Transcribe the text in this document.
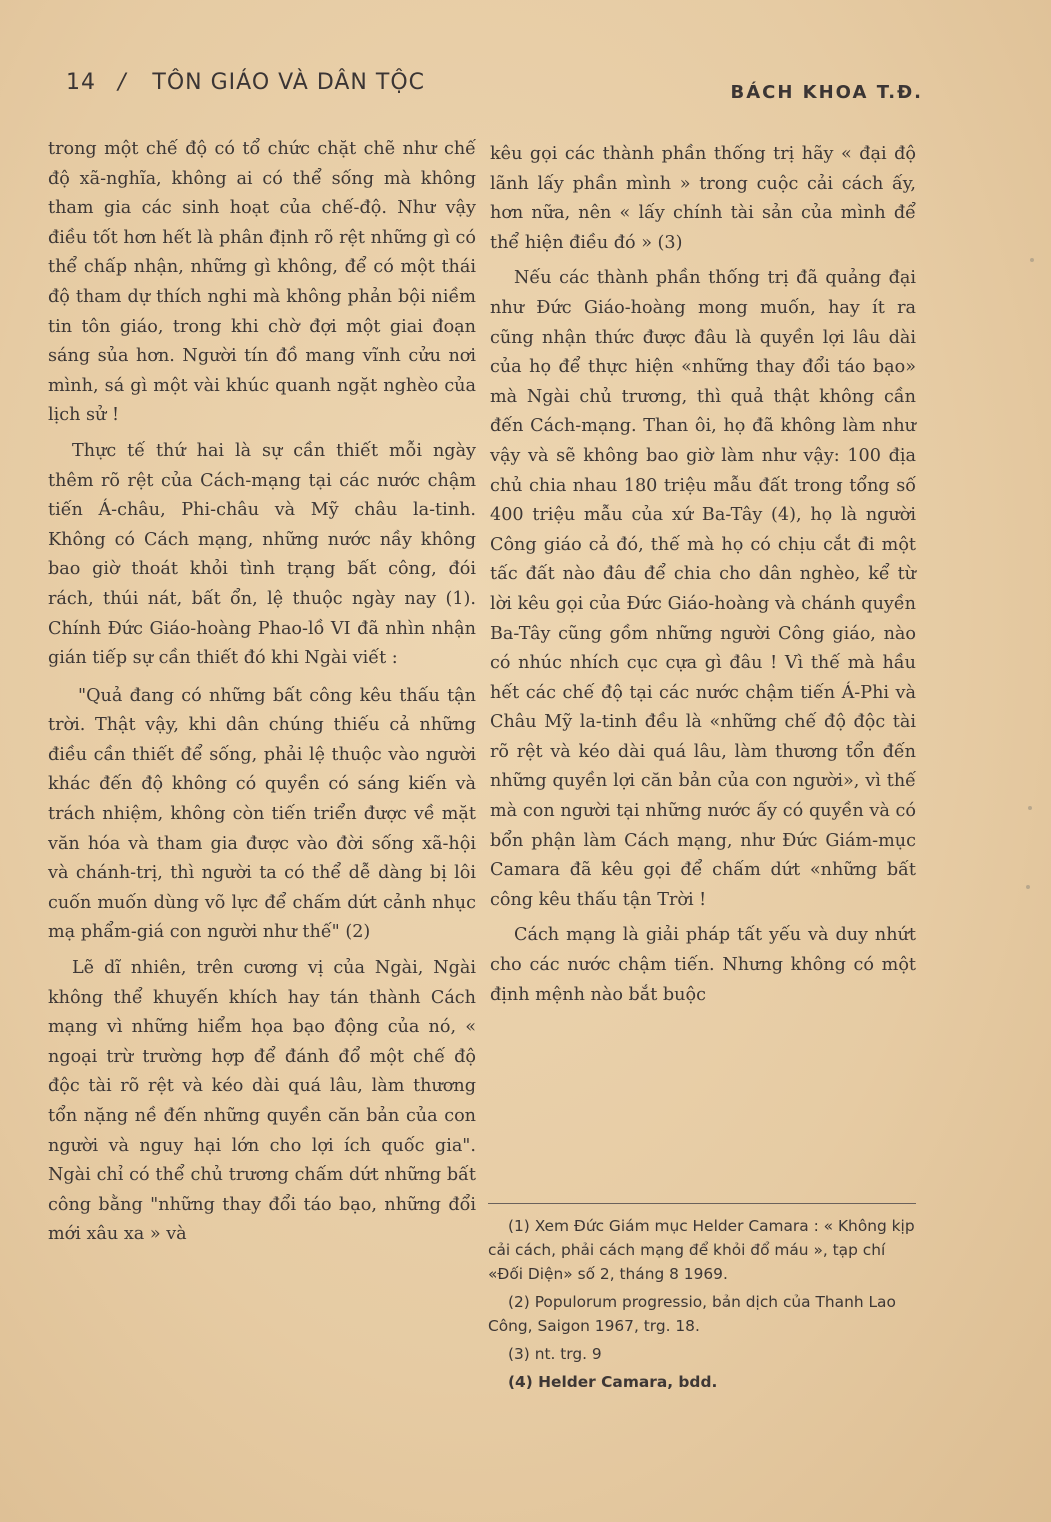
14 / TÔN GIÁO VÀ DÂN TỘC	BÁCH KHOA T.Đ.

trong một chế độ có tổ chức chặt chẽ như chế độ xã-nghĩa, không ai có thể sống mà không tham gia các sinh hoạt của chế-độ. Như vậy điều tốt hơn hết là phân định rõ rệt những gì có thể chấp nhận, những gì không, để có một thái độ tham dự thích nghi mà không phản bội niềm tin tôn giáo, trong khi chờ đợi một giai đoạn sáng sủa hơn. Người tín đồ mang vĩnh cửu nơi mình, sá gì một vài khúc quanh ngặt nghèo của lịch sử !

Thực tế thứ hai là sự cần thiết mỗi ngày thêm rõ rệt của Cách-mạng tại các nước chậm tiến Á-châu, Phi-châu và Mỹ châu la-tinh. Không có Cách mạng, những nước nầy không bao giờ thoát khỏi tình trạng bất công, đói rách, thúi nát, bất ổn, lệ thuộc ngày nay (1). Chính Đức Giáo-hoàng Phao-lồ VI đã nhìn nhận gián tiếp sự cần thiết đó khi Ngài viết :

"Quả đang có những bất công kêu thấu tận trời. Thật vậy, khi dân chúng thiếu cả những điều cần thiết để sống, phải lệ thuộc vào người khác đến độ không có quyền có sáng kiến và trách nhiệm, không còn tiến triển được về mặt văn hóa và tham gia được vào đời sống xã-hội và chánh-trị, thì người ta có thể dễ dàng bị lôi cuốn muốn dùng võ lực để chấm dứt cảnh nhục mạ phẩm-giá con người như thế" (2)

Lẽ dĩ nhiên, trên cương vị của Ngài, Ngài không thể khuyến khích hay tán thành Cách mạng vì những hiểm họa bạo động của nó, « ngoại trừ trường hợp để đánh đổ một chế độ độc tài rõ rệt và kéo dài quá lâu, làm thương tổn nặng nề đến những quyền căn bản của con người và nguy hại lớn cho lợi ích quốc gia". Ngài chỉ có thể chủ trương chấm dứt những bất công bằng "những thay đổi táo bạo, những đổi mới xâu xa » và

kêu gọi các thành phần thống trị hãy « đại độ lãnh lấy phần mình » trong cuộc cải cách ấy, hơn nữa, nên « lấy chính tài sản của mình để thể hiện điều đó » (3)

Nếu các thành phần thống trị đã quảng đại như Đức Giáo-hoàng mong muốn, hay ít ra cũng nhận thức được đâu là quyền lợi lâu dài của họ để thực hiện «những thay đổi táo bạo» mà Ngài chủ trương, thì quả thật không cần đến Cách-mạng. Than ôi, họ đã không làm như vậy và sẽ không bao giờ làm như vậy: 100 địa chủ chia nhau 180 triệu mẫu đất trong tổng số 400 triệu mẫu của xứ Ba-Tây (4), họ là người Công giáo cả đó, thế mà họ có chịu cắt đi một tấc đất nào đâu để chia cho dân nghèo, kể từ lời kêu gọi của Đức Giáo-hoàng và chánh quyền Ba-Tây cũng gồm những người Công giáo, nào có nhúc nhích cục cựa gì đâu ! Vì thế mà hầu hết các chế độ tại các nước chậm tiến Á-Phi và Châu Mỹ la-tinh đều là «những chế độ độc tài rõ rệt và kéo dài quá lâu, làm thương tổn đến những quyền lợi căn bản của con người», vì thế mà con người tại những nước ấy có quyền và có bổn phận làm Cách mạng, như Đức Giám-mục Camara đã kêu gọi để chấm dứt «những bất công kêu thấu tận Trời !

Cách mạng là giải pháp tất yếu và duy nhứt cho các nước chậm tiến. Nhưng không có một định mệnh nào bắt buộc

(1) Xem Đức Giám mục Helder Camara : « Không kịp cải cách, phải cách mạng để khỏi đổ máu », tạp chí «Đối Diện» số 2, tháng 8 1969.

(2) Populorum progressio, bản dịch của Thanh Lao Công, Saigon 1967, trg. 18.

(3) nt. trg. 9

(4) Helder Camara, bdd.
